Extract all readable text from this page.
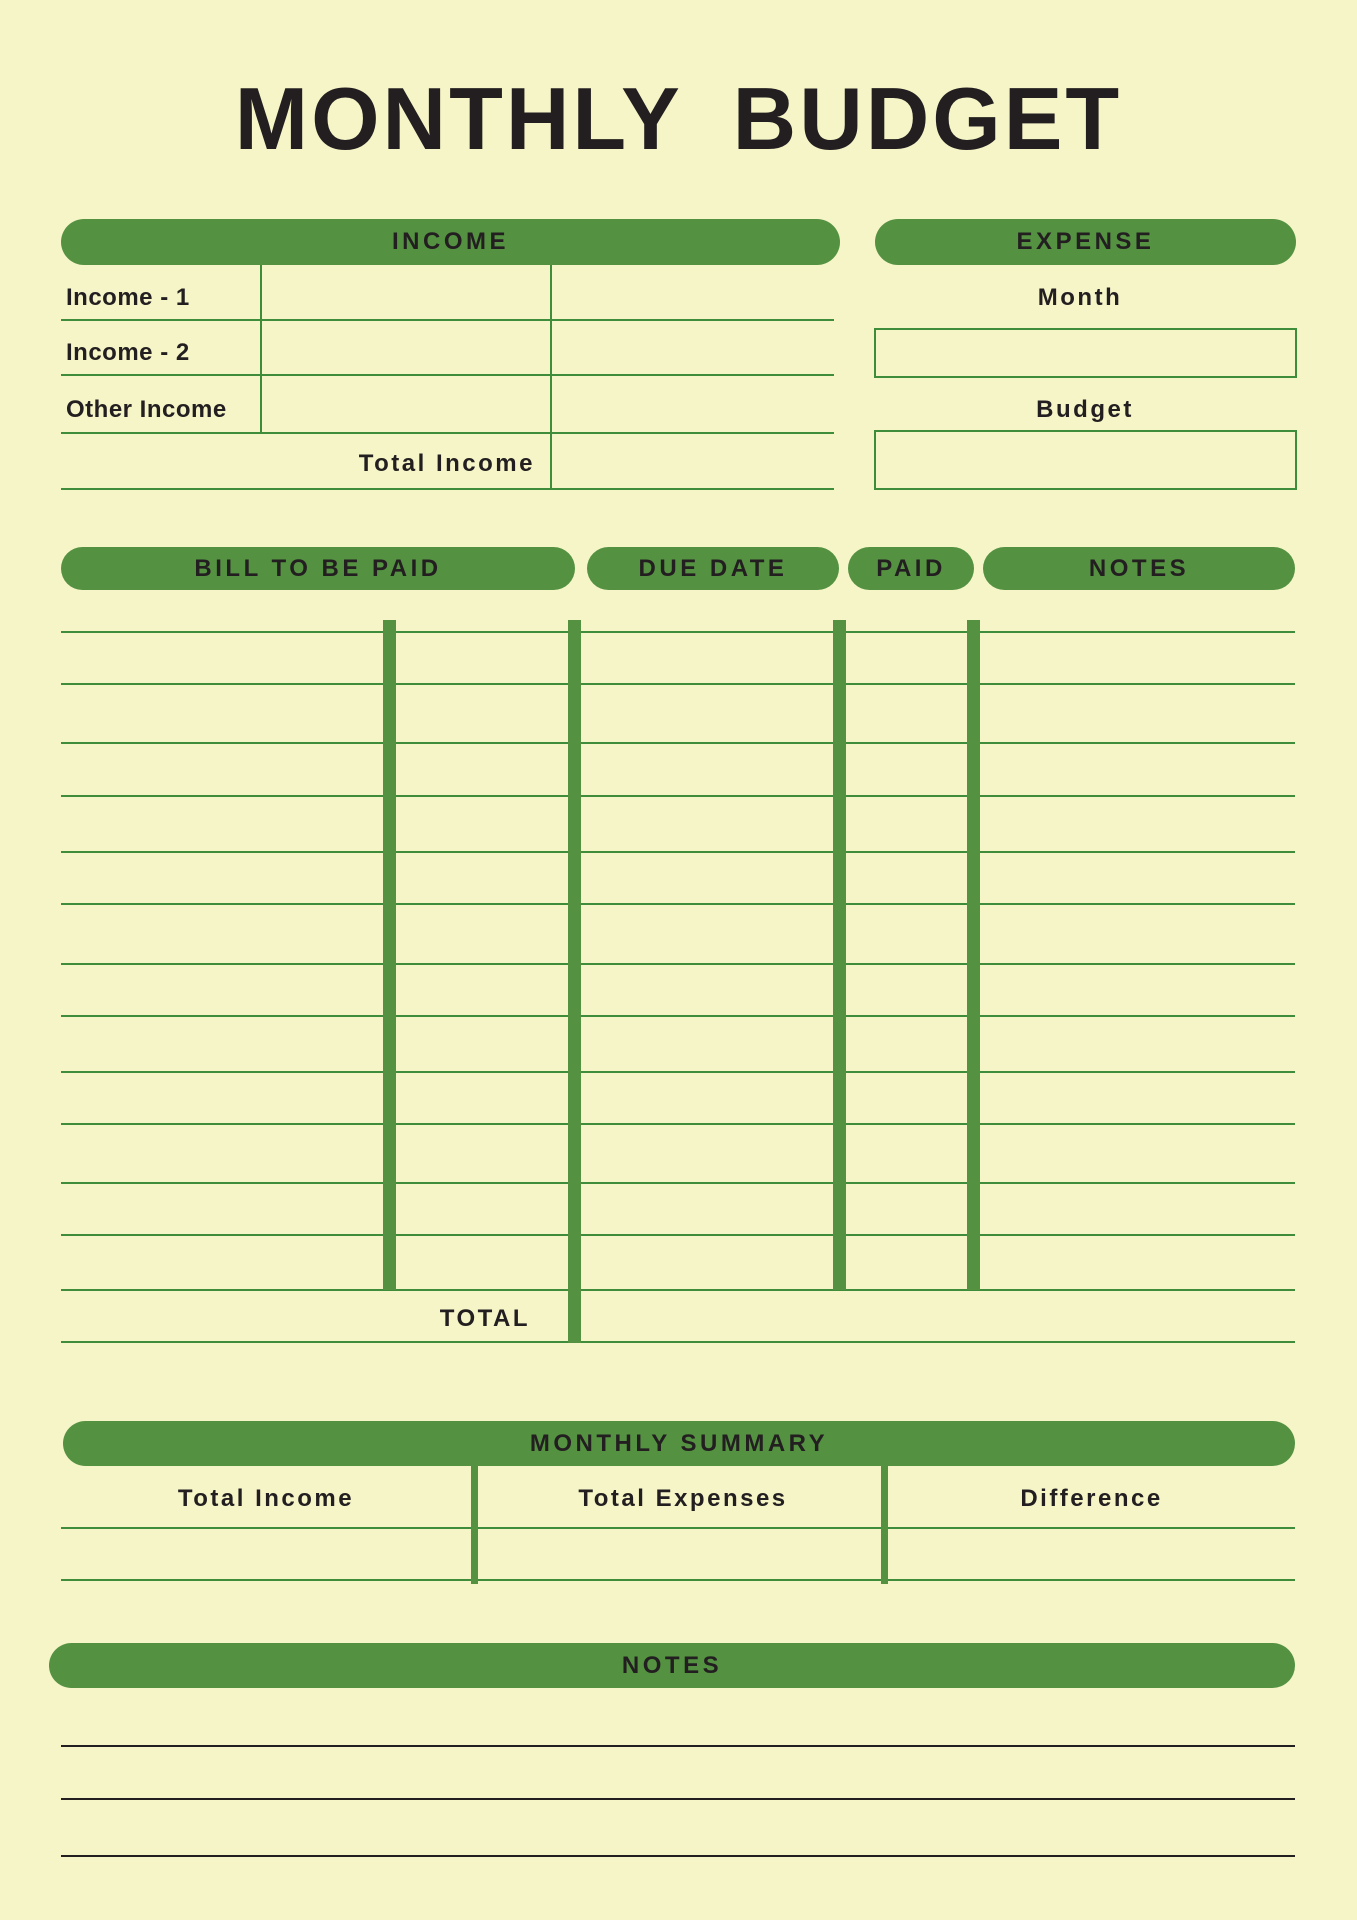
MONTHLY BUDGET
INCOME
Income - 1
Income - 2
Other Income
Total Income
EXPENSE
Month
Budget
BILL TO BE PAID	DUE DATE	PAID	NOTES
TOTAL
MONTHLY SUMMARY
Total Income	Total Expenses	Difference
NOTES
